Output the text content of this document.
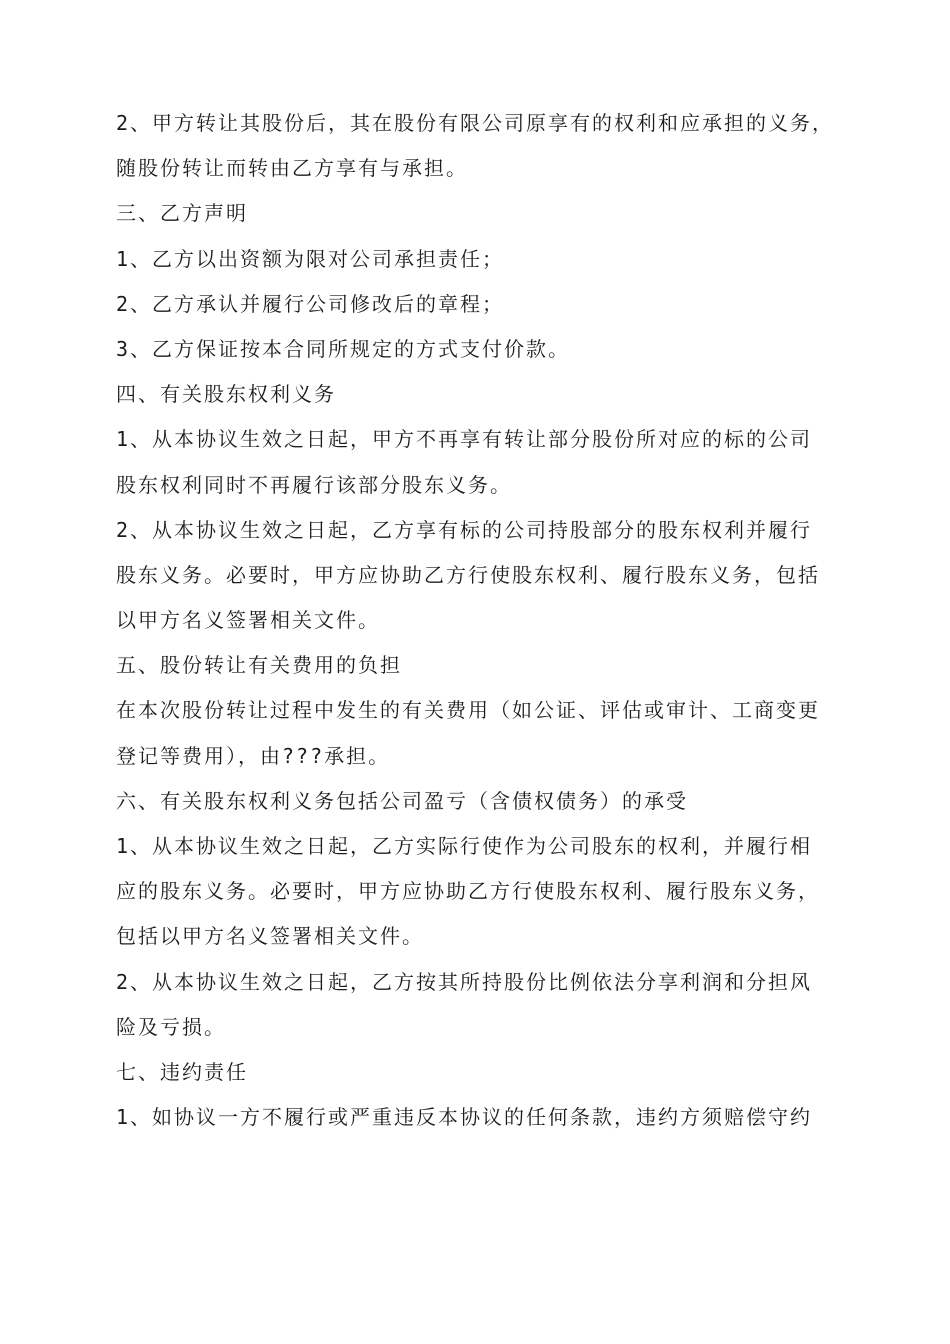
2、甲方转让其股份后，其在股份有限公司原享有的权利和应承担的义务，
随股份转让而转由乙方享有与承担。
三、乙方声明
1、乙方以出资额为限对公司承担责任；
2、乙方承认并履行公司修改后的章程；
3、乙方保证按本合同所规定的方式支付价款。
四、有关股东权利义务
1、从本协议生效之日起，甲方不再享有转让部分股份所对应的标的公司
股东权利同时不再履行该部分股东义务。
2、从本协议生效之日起，乙方享有标的公司持股部分的股东权利并履行
股东义务。必要时，甲方应协助乙方行使股东权利、履行股东义务，包括
以甲方名义签署相关文件。
五、股份转让有关费用的负担
在本次股份转让过程中发生的有关费用（如公证、评估或审计、工商变更
登记等费用），由???承担。
六、有关股东权利义务包括公司盈亏（含债权债务）的承受
1、从本协议生效之日起，乙方实际行使作为公司股东的权利，并履行相
应的股东义务。必要时，甲方应协助乙方行使股东权利、履行股东义务，
包括以甲方名义签署相关文件。
2、从本协议生效之日起，乙方按其所持股份比例依法分享利润和分担风
险及亏损。
七、违约责任
1、如协议一方不履行或严重违反本协议的任何条款，违约方须赔偿守约
